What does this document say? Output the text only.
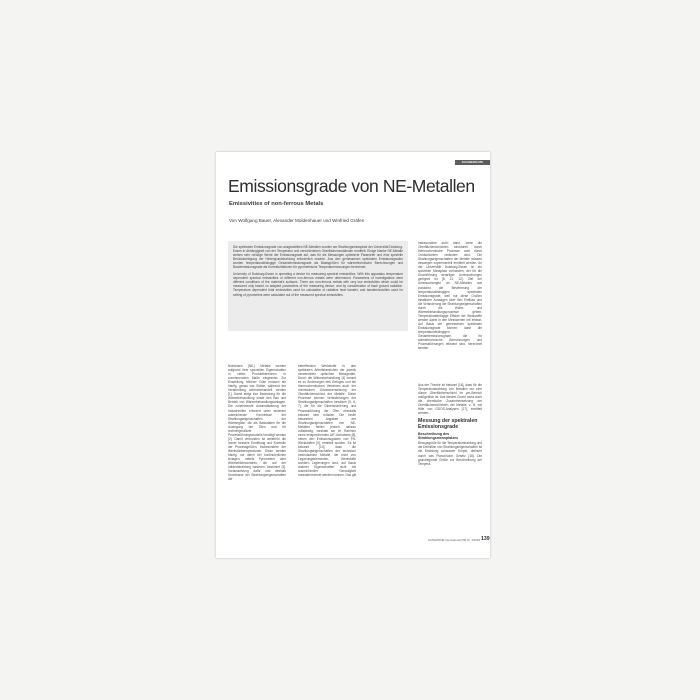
FACHBERICHTE
Emissionsgrade von NE-Metallen
Emissivities of non-ferrous Metals
Von Wolfgang Bauer, Alexander Moldenhauer und Winfried Gräfen

Die spektralen Emissionsgrade von ausgewählten NE-Metallen wurden am Strahlungsmessplatz der Universität Duisburg-Essen in Abhängigkeit von der Temperatur und verschiedenen Oberflächenzuständen ermittelt. Einige blanke NE-Metalle weisen sehr niedrige Werte der Emissionsgrade auf, was für die Messungen optimierte Parameter und eine spezielle Berücksichtigung der Hintergrundstrahlung erforderlich machte. Aus den gemessenen spektralen Emissionsgraden wurden temperaturabhängige Gesamtemissionsgrade als Basisgrößen für wärmetechnische Berechnungen und Bandemissionsgrade als Korrekturfaktoren für pyrometrische Temperaturmessungen berechnet.

University of Duisburg-Essen is operating a device for measuring spectral emissivities. With this apparatus temperature dependent spectral emissivities of different non-ferrous metals were determined. Parameters of investigations were different conditions of the material's surfaces. There are non-ferrous metals with very low emissivities which could be measured only based on adapted parameters of the measuring device, and by consideration of back ground radiation. Temperature dependent total emissivities used for calculation of radiative heat transfer, and bandemissivities used for setting of pyrometers were calculated out of the measured spectral emissivities.

insbesondere auch dann, wenn die Oberflächenschichten strukturell, durch thermochemische Prozesse oder durch Oxidschichten verändert sind. Die Strahlungseigenschaften der Metalle müssen deswegen experimentell ermittelt werden. An der Universität Duisburg-Essen ist ein spezieller Messplatz vorhanden, der für die Durchführung derartiger Untersuchungen geeignet ist [8, 11, 12]. Ziel der Untersuchungen an NE-Metallen war zunächst die Bestimmung der temperaturabhängigen spektralen Emissionsgrade, weil nur diese Größen inhaltliche Aussagen über den Einfluss und die Veränderung der Strahlungseigenschaften durch die Wärm- und Wärmebehandlungsprozesse geben. Temperaturabhängige Effekte der Werkstoffe werden dabei in den Messwerten mit erfasst. Auf Basis der gemessenen spektralen Emissionsgrade können dann die temperaturabhängigen Gesamtemissionsgrade, die für wärmetechnische Berechnungen und Prozessführungen relevant sind, berechnet werden.

Nichteisen (NE-) Metalle werden aufgrund ihrer speziellen Eigenschaften in vielen Produktbereichen in zunehmendem Maße eingesetzt. Zur Einstellung höherer Güte müssen sie häufig, genau wie Stähle, während der Verarbeitung wärmebehandelt werden [1]. Damit steigt ihre Bedeutung für die Wärmebehandlung sowie den Bau und Betrieb von Wärmebehandlungsanlagen. Die zunehmende Automatisierung der Industrieöfen erfordert unter anderem ausreichende Kenntnisse der Strahlungseigenschaften der Wärmegüter, die als Basisdaten für die Auslegung der Öfen und für rechnergestützte Prozessführungsmodelle benötigt werden [2]. Damit verbunden ist weiterhin die immer bessere Ermittlung und Kontrolle der Prozessgrößen, insbesondere der Werkstücktemperaturen. Diese werden häufig, vor allem bei kontinuierlichen Anlagen, mittels Pyrometern oder Wärmebildmonitoren, die auf der Infrarotstrahlung basieren, bestimmt [3]. Voraussetzung dafür und deshalb Kenntnisse der Strahlungseigenschaften der

betreffenden Werkstoffe in den spektralen Arbeitsbereichen der jeweils verwendeten optischen Messgeräte. Durch die Wärmebehandlung [4] kommt es zu Änderungen des Gefüges und bei thermochemischen Verfahren auch der chemischen Zusammensetzung der Oberflächenschicht der Metalle. Diese Prozesse können Veränderungen der Strahlungseigenschaften bewirken [5, 6, 7], die für die Dimensionierung und Prozessführung der Öfen ebenfalls bekannt sein müssen. Die heute bekannten Angaben der Strahlungseigenschaften von NE-Metallen fehlen jedoch nahezu vollständig, weshalb sie im Rahmen eines entsprechenden AiF-Vorhabens [8], neben den Emissionsgraden von FN-Werkstoffen [9], ermittelt wurden. Es ist bekannt [10], dass die Strahlungseigenschaften der technisch bedeutsamen Metalle, die nicht von Legierungselementen, Werkstoffe sondern Legierungen sind, auf Basis anderer Eigenschaften nicht mit ausreichender Genauigkeit vorausberechnet werden können. Das gilt

Aus der Theorie ist bekannt [16], dass für die Temperaturstrahlung von Metallen nur eine dünne Oberflächenschicht im μm-Bereich maßgeblich ist. Aus diesem Grund muss auch die chemische Zusammensetzung der Oberflächenschichten der Metalle, z. B. mit Hilfe von GDOS-Analysen [17], ermittelt werden.

Messung der spektralen Emissionsgrade
Beschreibung des Strahlungsmessplatzes

Bezugsgröße für die Temperaturstrahlung und die Definition von Strahlungseigenschaften ist die Strahlung schwarzer Körper, definiert durch das Planck'sche Gesetz [18]. Die grundlegende Größe zur Beschreibung der Tempera-

GASWÄRME International (58) Nr. 3/2009 139
